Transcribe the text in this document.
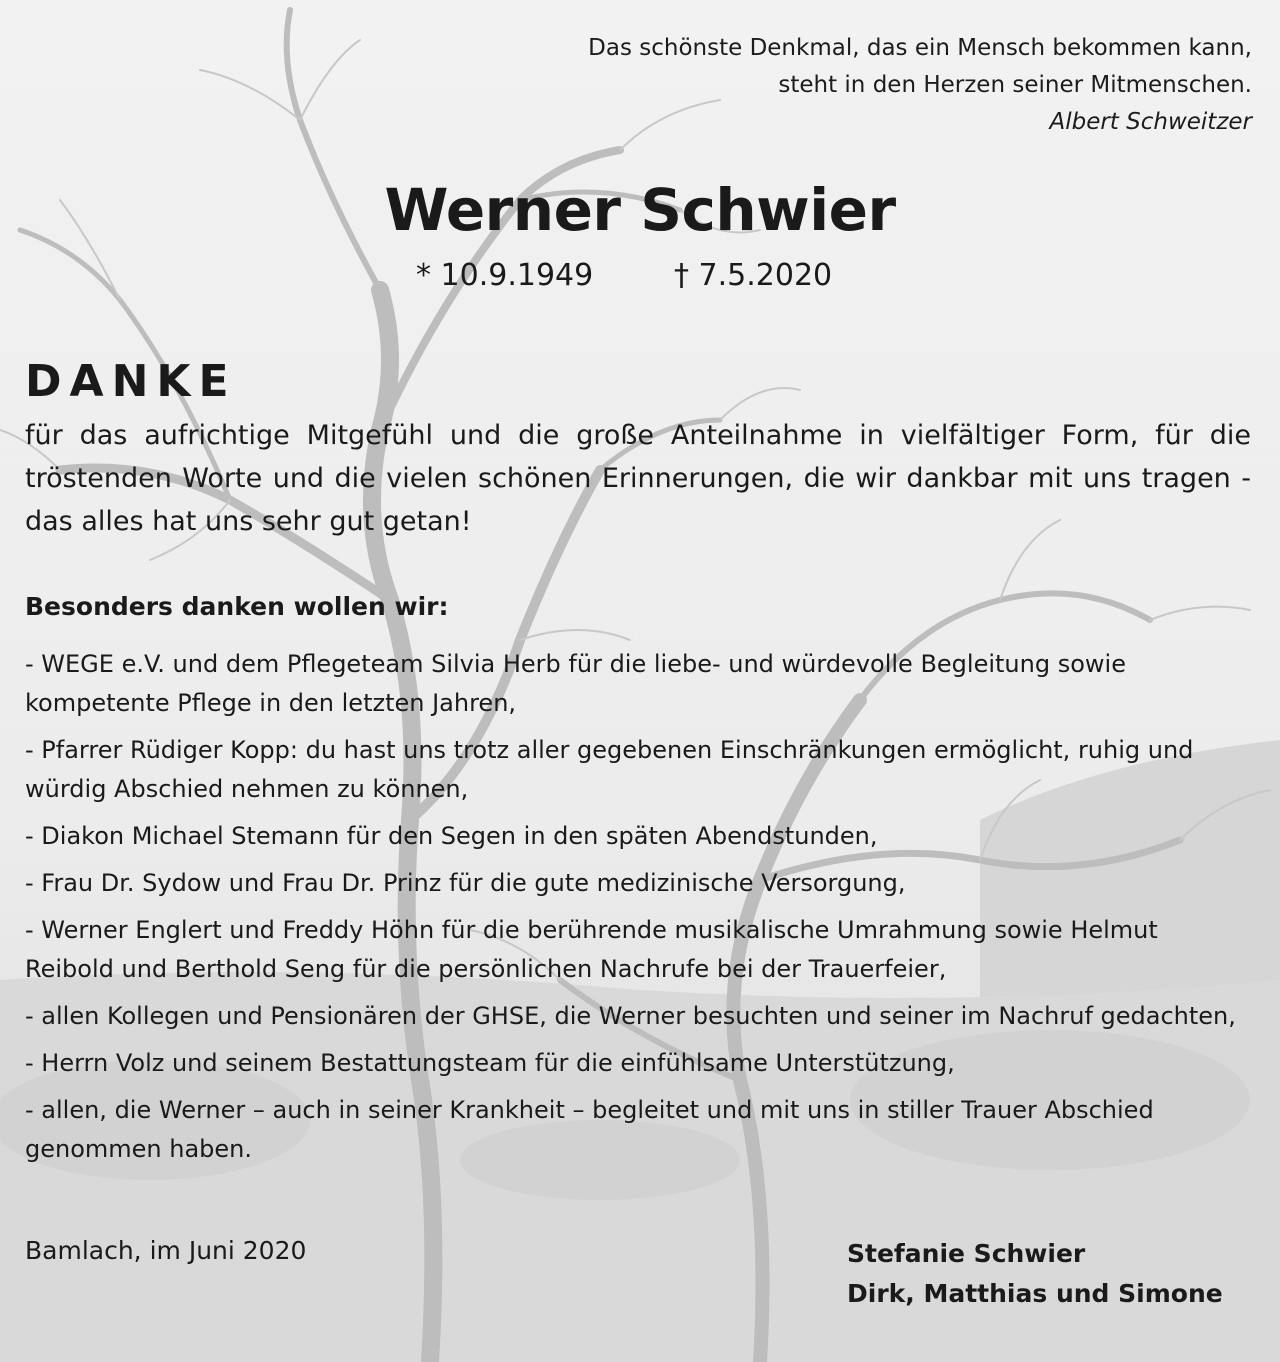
Das schönste Denkmal, das ein Mensch bekommen kann,
steht in den Herzen seiner Mitmenschen.
Albert Schweitzer
Werner Schwier
* 10.9.1949	† 7.5.2020
DANKE
für das aufrichtige Mitgefühl und die große Anteilnahme in vielfältiger Form, für die tröstenden Worte und die vielen schönen Erinnerungen, die wir dankbar mit uns tragen - das alles hat uns sehr gut getan!
Besonders danken wollen wir:
- WEGE e.V. und dem Pflegeteam Silvia Herb für die liebe- und würdevolle Begleitung sowie kompetente Pflege in den letzten Jahren,
- Pfarrer Rüdiger Kopp: du hast uns trotz aller gegebenen Einschränkungen ermöglicht, ruhig und würdig Abschied nehmen zu können,
- Diakon Michael Stemann für den Segen in den späten Abendstunden,
- Frau Dr. Sydow und Frau Dr. Prinz für die gute medizinische Versorgung,
- Werner Englert und Freddy Höhn für die berührende musikalische Umrahmung sowie Helmut Reibold und Berthold Seng für die persönlichen Nachrufe bei der Trauerfeier,
- allen Kollegen und Pensionären der GHSE, die Werner besuchten und seiner im Nachruf gedachten,
- Herrn Volz und seinem Bestattungsteam für die einfühlsame Unterstützung,
- allen, die Werner – auch in seiner Krankheit – begleitet und mit uns in stiller Trauer Abschied genommen haben.
Bamlach, im Juni 2020	Stefanie Schwier
Dirk, Matthias und Simone
